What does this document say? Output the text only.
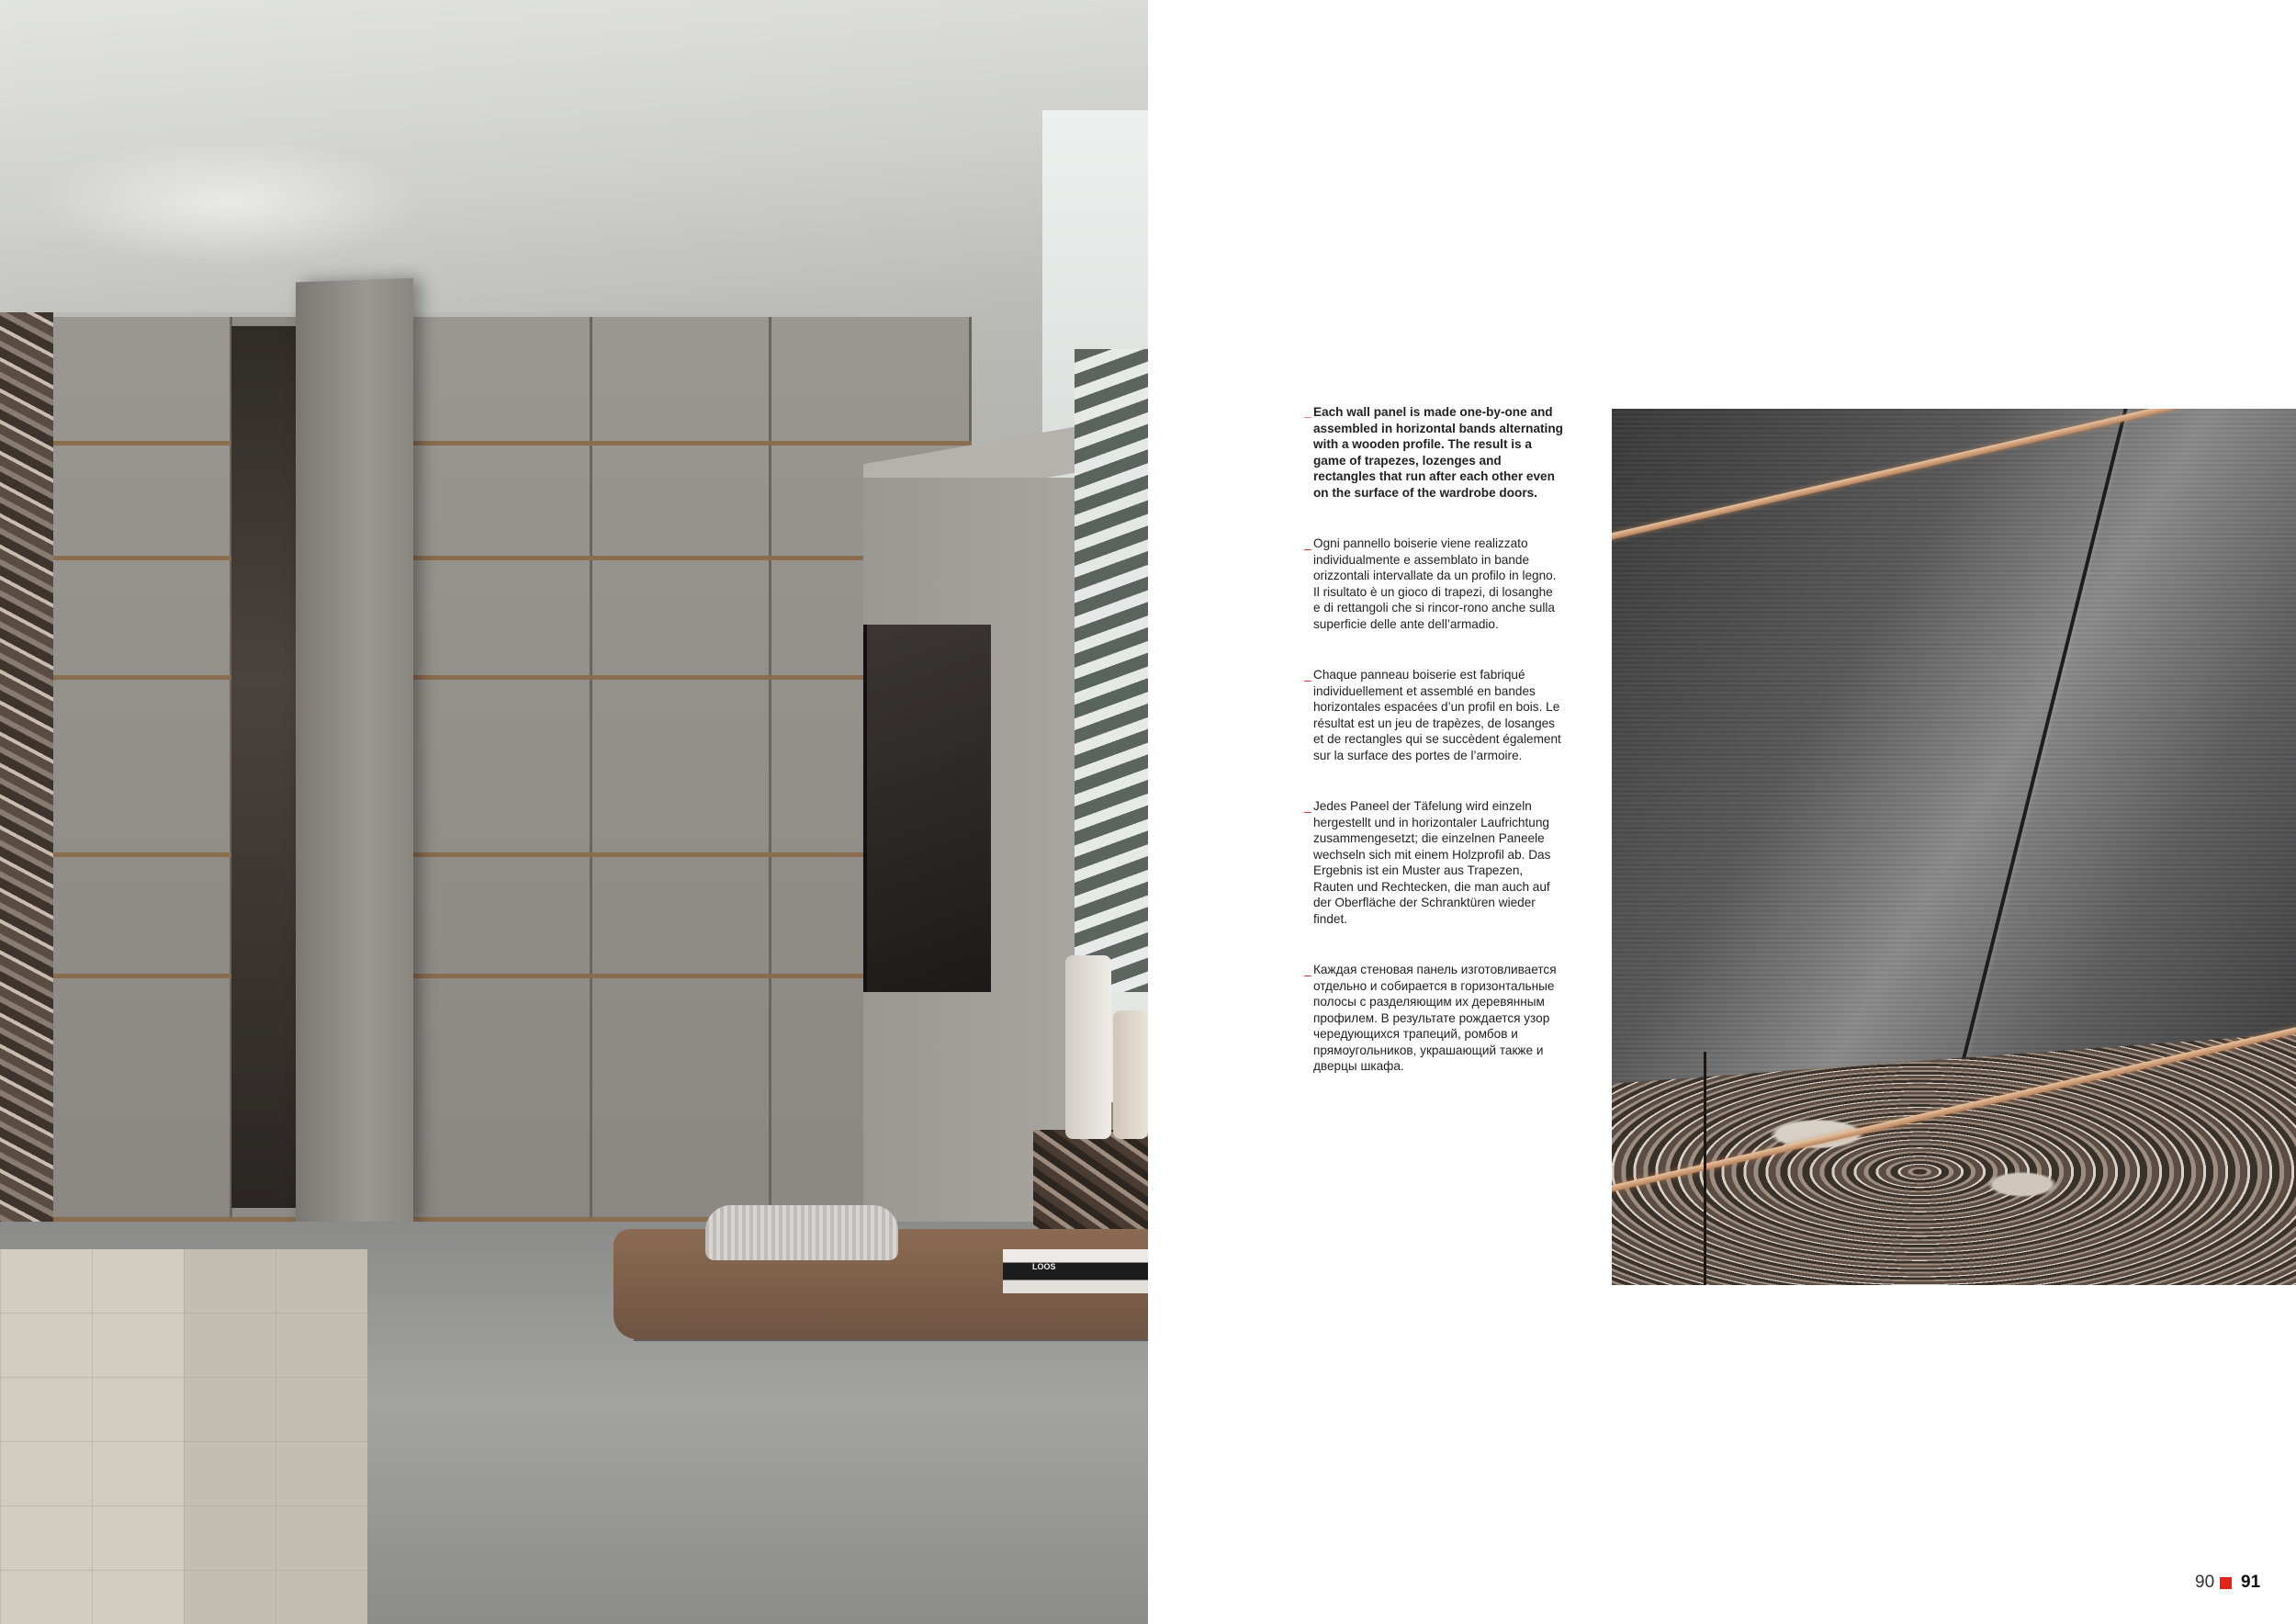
LOOS

_ Each wall panel is made one-by-one and assembled in horizontal bands alternating with a wooden profile. The result is a game of trapezes, lozenges and rectangles that run after each other even on the surface of the wardrobe doors.

_ Ogni pannello boiserie viene realizzato individualmente e assemblato in bande orizzontali intervallate da un profilo in legno. Il risultato è un gioco di trapezi, di losanghe e di rettangoli che si rincor-rono anche sulla superficie delle ante dell’armadio.

_ Chaque panneau boiserie est fabriqué individuellement et assemblé en bandes horizontales espacées d’un profil en bois. Le résultat est un jeu de trapèzes, de losanges et de rectangles qui se succèdent également sur la surface des portes de l’armoire.

_ Jedes Paneel der Täfelung wird einzeln hergestellt und in horizontaler Laufrichtung zusammengesetzt; die einzelnen Paneele wechseln sich mit einem Holzprofil ab. Das Ergebnis ist ein Muster aus Trapezen, Rauten und Rechtecken, die man auch auf der Oberfläche der Schranktüren wieder findet.

_ Каждая стеновая панель изготовливается отдельно и собирается в горизонтальные полосы с разделяющим их деревянным профилем. В результате рождается узор чередующихся трапеций, ромбов и прямоугольников, украшающий также и дверцы шкафа.

90 91
